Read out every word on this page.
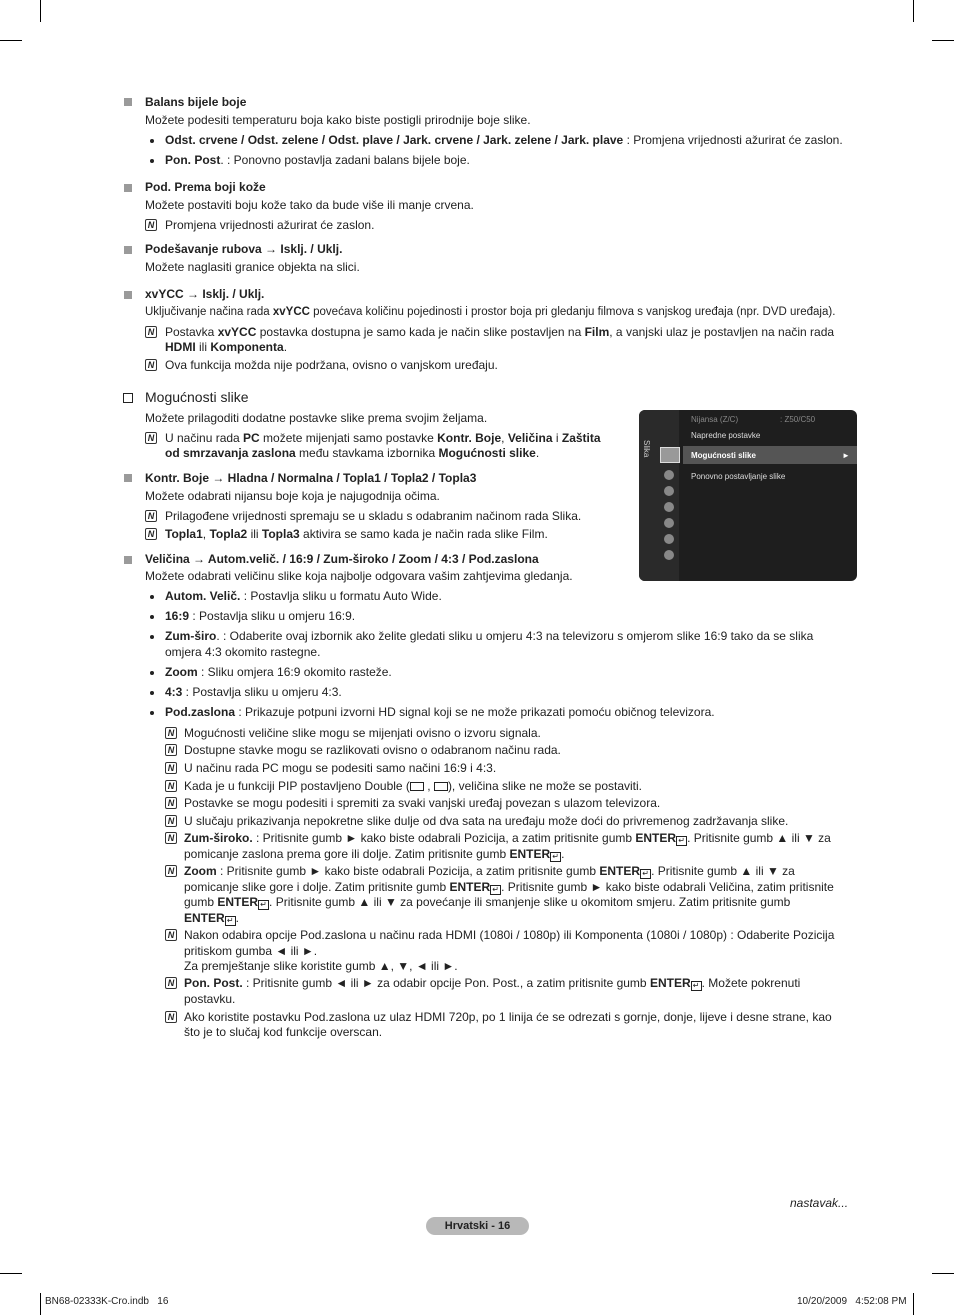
Balans bijele boje
Možete podesiti temperaturu boja kako biste postigli prirodnije boje slike.
Odst. crvene / Odst. zelene / Odst. plave / Jark. crvene / Jark. zelene / Jark. plave : Promjena vrijednosti ažurirat će zaslon.
Pon. Post. : Ponovno postavlja zadani balans bijele boje.
Pod. Prema boji kože
Možete postaviti boju kože tako da bude više ili manje crvena.
N Promjena vrijednosti ažurirat će zaslon.
Podešavanje rubova → Isklj. / Uklj.
Možete naglasiti granice objekta na slici.
xvYCC → Isklj. / Uklj.
Uključivanje načina rada xvYCC povećava količinu pojedinosti i prostor boja pri gledanju filmova s vanjskog uređaja (npr. DVD uređaja).
N Postavka xvYCC postavka dostupna je samo kada je način slike postavljen na Film, a vanjski ulaz je postavljen na način rada
HDMI ili Komponenta.
N Ova funkcija možda nije podržana, ovisno o vanjskom uređaju.
Mogućnosti slike
Možete prilagoditi dodatne postavke slike prema svojim željama.
N U načinu rada PC možete mijenjati samo postavke Kontr. Boje, Veličina i Zaštita
od smrzavanja zaslona među stavkama izbornika Mogućnosti slike.	Slika
Nijansa (Z/C)	: Z50/C50
Napredne postavke
Mogućnosti slike	►
Ponovno postavljanje slike
Kontr. Boje → Hladna / Normalna / Topla1 / Topla2 / Topla3
Možete odabrati nijansu boje koja je najugodnija očima.
N Prilagođene vrijednosti spremaju se u skladu s odabranim načinom rada Slika.
N Topla1, Topla2 ili Topla3 aktivira se samo kada je način rada slike Film.
Veličina → Autom.velič. / 16:9 / Zum-široko / Zoom / 4:3 / Pod.zaslona
Možete odabrati veličinu slike koja najbolje odgovara vašim zahtjevima gledanja.
Autom. Velič. : Postavlja sliku u formatu Auto Wide.
16:9 : Postavlja sliku u omjeru 16:9.
Zum-širo. : Odaberite ovaj izbornik ako želite gledati sliku u omjeru 4:3 na televizoru s omjerom slike 16:9 tako da se slika
omjera 4:3 okomito rastegne.
Zoom : Sliku omjera 16:9 okomito rasteže.
4:3 : Postavlja sliku u omjeru 4:3.
Pod.zaslona : Prikazuje potpuni izvorni HD signal koji se ne može prikazati pomoću običnog televizora.
N Mogućnosti veličine slike mogu se mijenjati ovisno o izvoru signala.
N Dostupne stavke mogu se razlikovati ovisno o odabranom načinu rada.
N U načinu rada PC mogu se podesiti samo načini 16:9 i 4:3.
N Kada je u funkciji PIP postavljeno Double ( , ), veličina slike ne može se postaviti.
N Postavke se mogu podesiti i spremiti za svaki vanjski uređaj povezan s ulazom televizora.
N U slučaju prikazivanja nepokretne slike dulje od dva sata na uređaju može doći do privremenog zadržavanja slike.
N Zum-široko. : Pritisnite gumb ► kako biste odabrali Pozicija, a zatim pritisnite gumb ENTER ↵ . Pritisnite gumb ▲ ili ▼ za
pomicanje zaslona prema gore ili dolje. Zatim pritisnite gumb ENTER ↵ .
N Zoom : Pritisnite gumb ► kako biste odabrali Pozicija, a zatim pritisnite gumb ENTER ↵ . Pritisnite gumb ▲ ili ▼ za
pomicanje slike gore i dolje. Zatim pritisnite gumb ENTER ↵ . Pritisnite gumb ► kako biste odabrali Veličina, zatim pritisnite
gumb ENTER ↵ . Pritisnite gumb ▲ ili ▼ za povećanje ili smanjenje slike u okomitom smjeru. Zatim pritisnite gumb
ENTER ↵ .
N Nakon odabira opcije Pod.zaslona u načinu rada HDMI (1080i / 1080p) ili Komponenta (1080i / 1080p) : Odaberite Pozicija
pritiskom gumba ◄ ili ►.
Za premještanje slike koristite gumb ▲, ▼, ◄ ili ►.
N Pon. Post. : Pritisnite gumb ◄ ili ► za odabir opcije Pon. Post., a zatim pritisnite gumb ENTER ↵ . Možete pokrenuti
postavku.
N Ako koristite postavku Pod.zaslona uz ulaz HDMI 720p, po 1 linija će se odrezati s gornje, donje, lijeve i desne strane, kao
što je to slučaj kod funkcije overscan.
nastavak...
Hrvatski - 16
BN68-02333K-Cro.indb   16	10/20/2009   4:52:08 PM
